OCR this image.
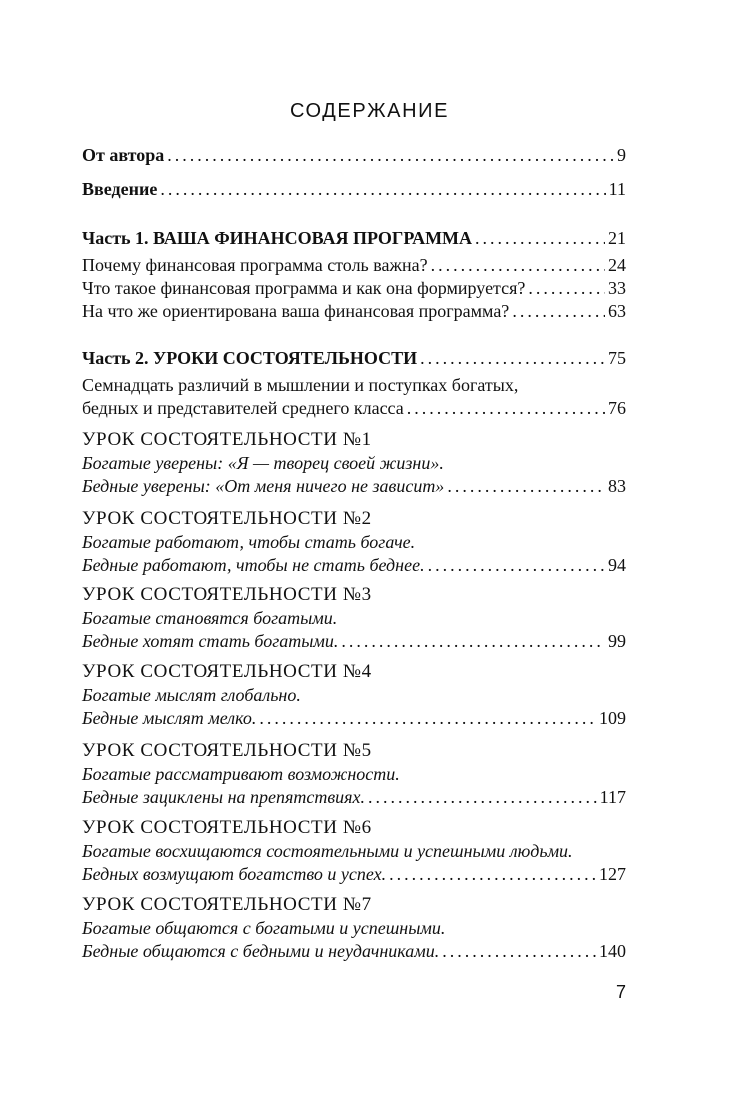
СОДЕРЖАНИЕ
От автора .....	9
Введение .....	11
Часть 1. ВАША ФИНАНСОВАЯ ПРОГРАММА .....	21
Почему финансовая программа столь важна? .....	24
Что такое финансовая программа и как она формируется? .....	33
На что же ориентирована ваша финансовая программа? .....	63
Часть 2. УРОКИ СОСТОЯТЕЛЬНОСТИ .....	75
Семнадцать различий в мышлении и поступках богатых,
бедных и представителей среднего класса .....	76
УРОК СОСТОЯТЕЛЬНОСТИ №1
Богатые уверены: «Я — творец своей жизни».
Бедные уверены: «От меня ничего не зависит» .....	83
УРОК СОСТОЯТЕЛЬНОСТИ №2
Богатые работают, чтобы стать богаче.
Бедные работают, чтобы не стать беднее. .....	94
УРОК СОСТОЯТЕЛЬНОСТИ №3
Богатые становятся богатыми.
Бедные хотят стать богатыми. .....	99
УРОК СОСТОЯТЕЛЬНОСТИ №4
Богатые мыслят глобально.
Бедные мыслят мелко. .....	109
УРОК СОСТОЯТЕЛЬНОСТИ №5
Богатые рассматривают возможности.
Бедные зациклены на препятствиях. .....	117
УРОК СОСТОЯТЕЛЬНОСТИ №6
Богатые восхищаются состоятельными и успешными людьми.
Бедных возмущают богатство и успех. .....	127
УРОК СОСТОЯТЕЛЬНОСТИ №7
Богатые общаются с богатыми и успешными.
Бедные общаются с бедными и неудачниками. .....	140
7
